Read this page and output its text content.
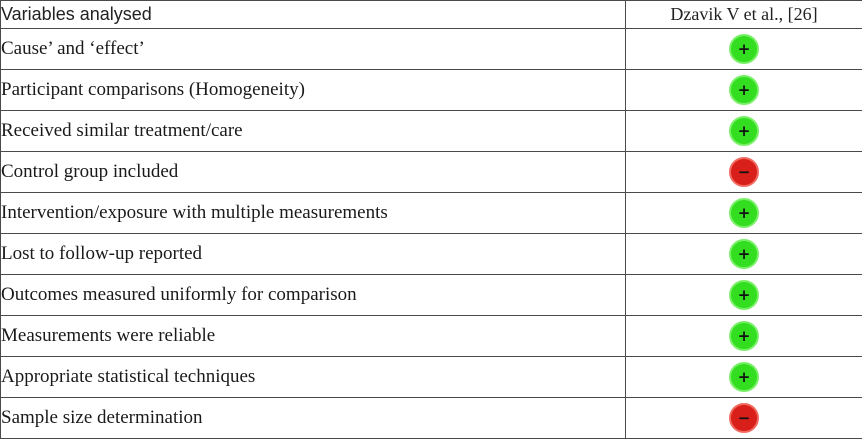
Variables analysed	Dzavik V et al., [26]
Cause’ and ‘effect’	+

Participant comparisons (Homogeneity)	+

Received similar treatment/care	+

Control group included	−

Intervention/exposure with multiple measurements	+

Lost to follow-up reported	+

Outcomes measured uniformly for comparison	+

Measurements were reliable	+

Appropriate statistical techniques	+

Sample size determination	−
